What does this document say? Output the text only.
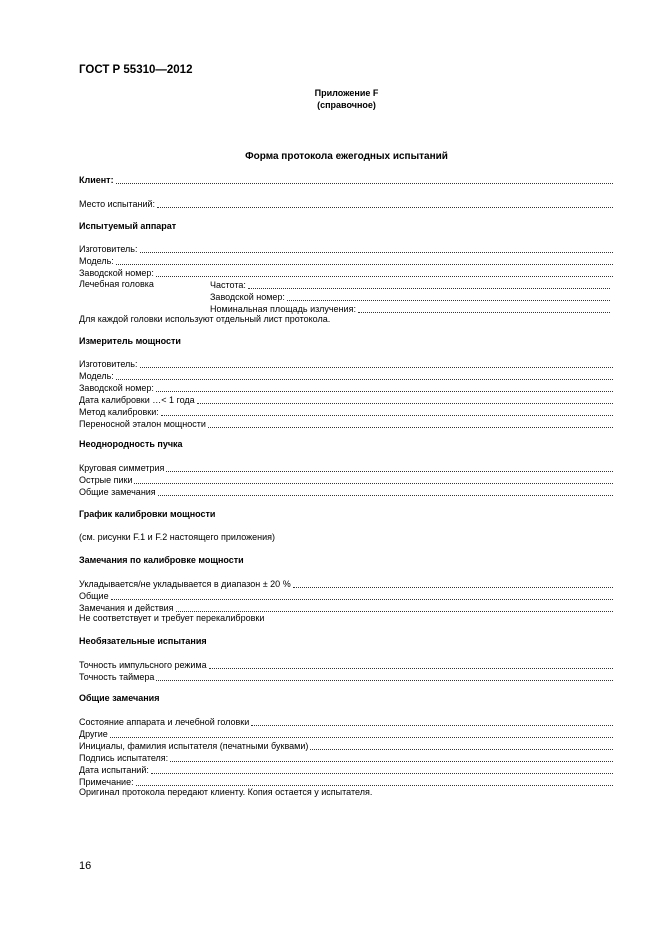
ГОСТ Р 55310—2012
Приложение F
(справочное)
Форма протокола ежегодных испытаний
Клиент:
Место испытаний:
Испытуемый аппарат
Изготовитель:
Модель:
Заводской номер:
Лечебная головка	Частота:
Заводской номер:
Номинальная площадь излучения:
Для каждой головки используют отдельный лист протокола.
Измеритель мощности
Изготовитель:
Модель:
Заводской номер:
Дата калибровки …< 1 года
Метод калибровки:
Переносной эталон мощности
Неоднородность пучка
Круговая симметрия
Острые пики
Общие замечания
График калибровки мощности
(см. рисунки F.1 и F.2 настоящего приложения)
Замечания по калибровке мощности
Укладывается/не укладывается в диапазон ± 20 %
Общие
Замечания и действия
Не соответствует и требует перекалибровки
Необязательные испытания
Точность импульсного режима
Точность таймера
Общие замечания
Состояние аппарата и лечебной головки
Другие
Инициалы, фамилия испытателя (печатными буквами)
Подпись испытателя:
Дата испытаний:
Примечание:
Оригинал протокола передают клиенту. Копия остается у испытателя.
16
